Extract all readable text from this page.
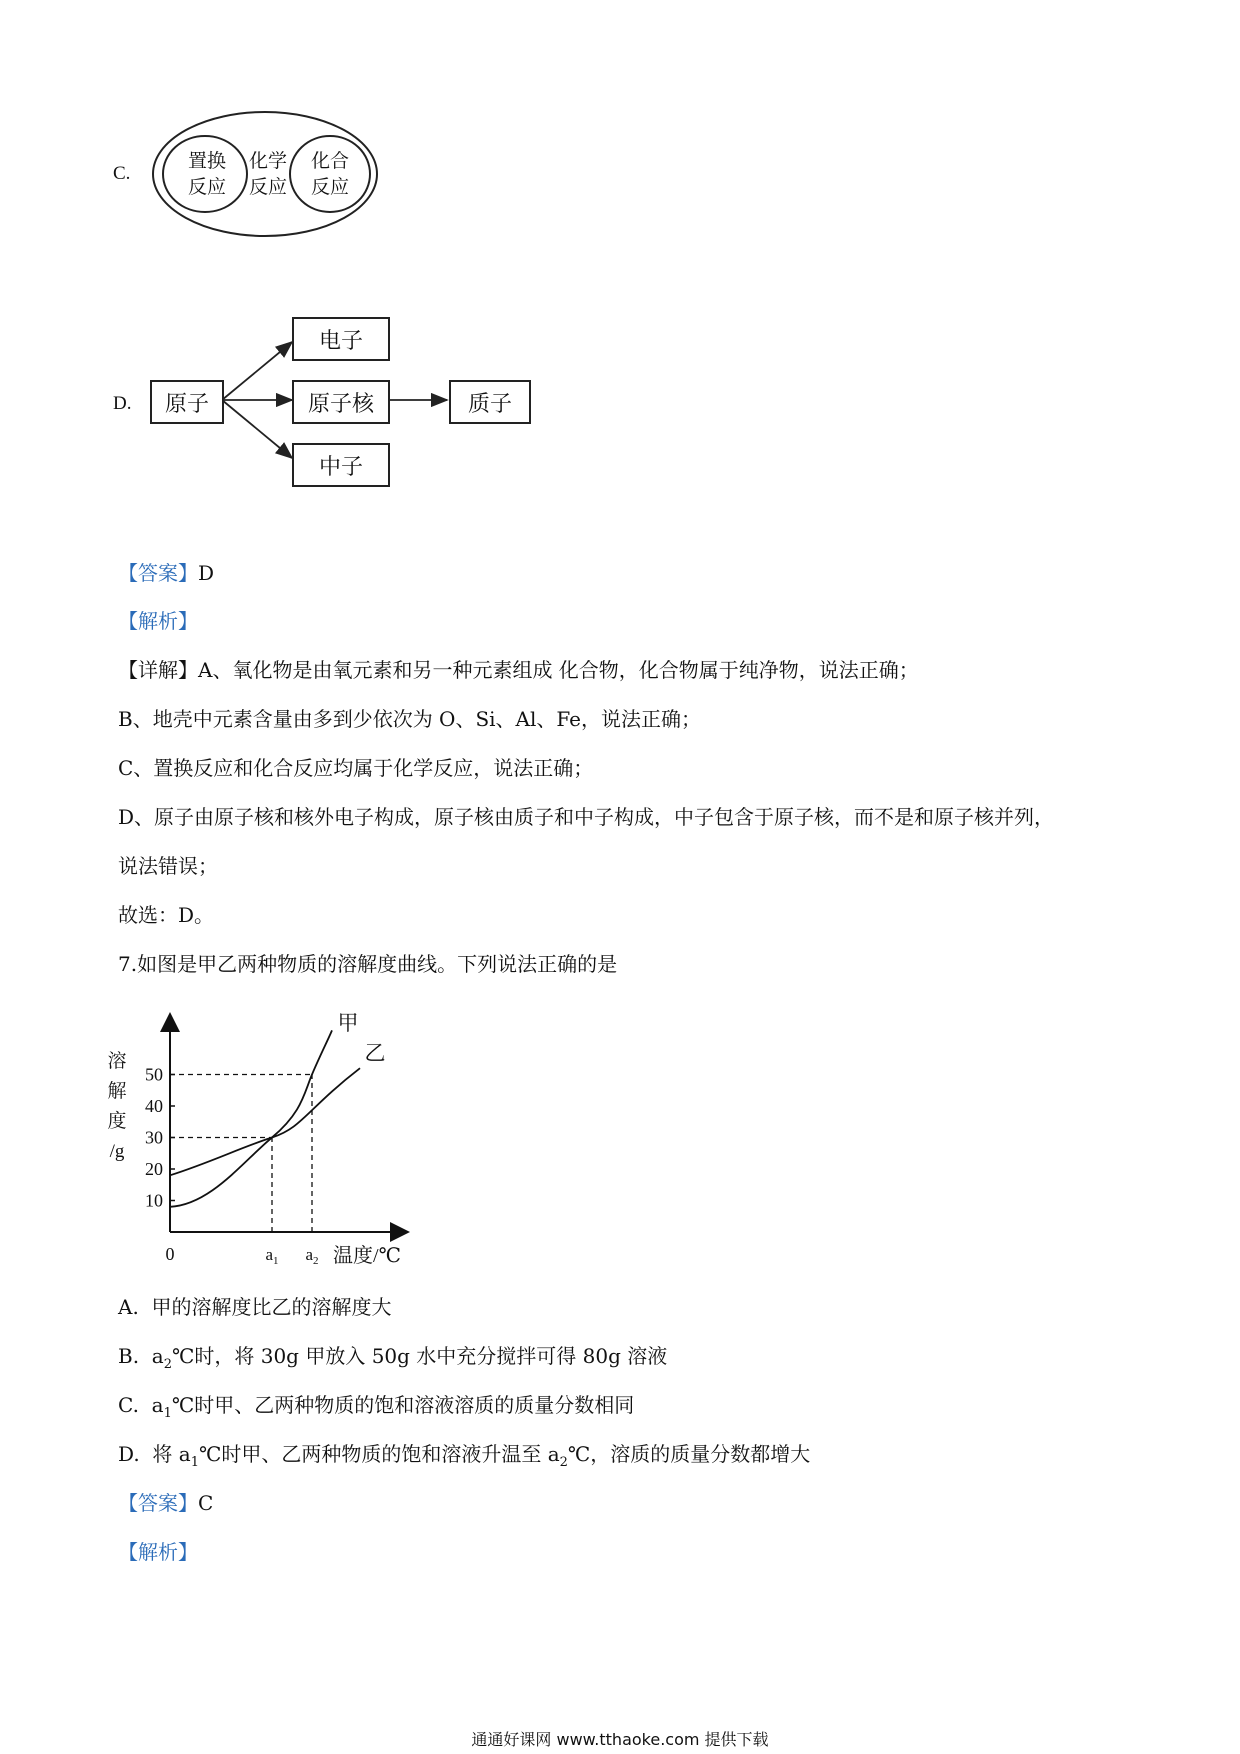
C.
置换
反应
化学
反应
化合
反应
D.	原子
电子
原子核
中子
质子
【答案】D
【解析】
【详解】A、氧化物是由氧元素和另一种元素组成 化合物，化合物属于纯净物，说法正确；
B、地壳中元素含量由多到少依次为 O、Si、Al、Fe，说法正确；
C、置换反应和化合反应均属于化学反应，说法正确；
D、原子由原子核和核外电子构成，原子核由质子和中子构成，中子包含于原子核，而不是和原子核并列，
说法错误；
故选：D。
7.如图是甲乙两种物质的溶解度曲线。下列说法正确的是
溶
解
度
/g
10
20
30
40
50
0	$a_1$ $a_2$ 温度/℃
甲
乙
A. 甲的溶解度比乙的溶解度大
B. $a_2℃$时，将 30g 甲放入 50g 水中充分搅拌可得 80g 溶液
C. $a_1℃$时甲、乙两种物质的饱和溶液溶质的质量分数相同
D. 将 $a_1℃$时甲、乙两种物质的饱和溶液升温至 $a_2℃$，溶质的质量分数都增大
【答案】C
【解析】
通通好课网 www.tthaoke.com 提供下载
